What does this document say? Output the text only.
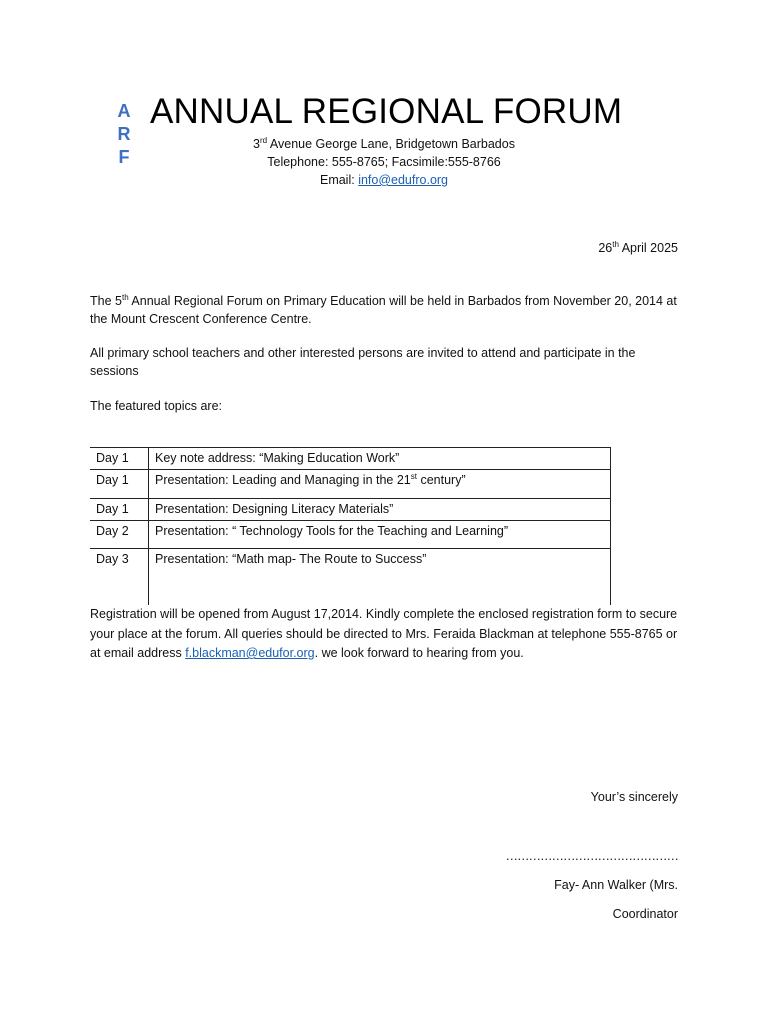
A
R
F
ANNUAL REGIONAL FORUM
3rd Avenue George Lane, Bridgetown Barbados
Telephone: 555-8765; Facsimile:555-8766
Email: info@edufro.org
26th April 2025
The 5th Annual Regional Forum on Primary Education will be held in Barbados from November 20, 2014 at the Mount Crescent Conference Centre.
All primary school teachers and other interested persons are invited to attend and participate in the sessions
The featured topics are:
Day 1	Key note address: “Making Education Work”
Day 1	Presentation: Leading and Managing in the 21st century”
Day 1	Presentation: Designing Literacy Materials”
Day 2	Presentation: “ Technology Tools for the Teaching and Learning”
Day 3	Presentation: “Math map- The Route to Success”
Registration will be opened from August 17,2014. Kindly complete the enclosed registration form to secure your place at the forum. All queries should be directed to Mrs. Feraida Blackman at telephone 555-8765 or at email address f.blackman@edufor.org. we look forward to hearing from you.
Your’s sincerely
………………………………………
Fay- Ann Walker (Mrs.
Coordinator
